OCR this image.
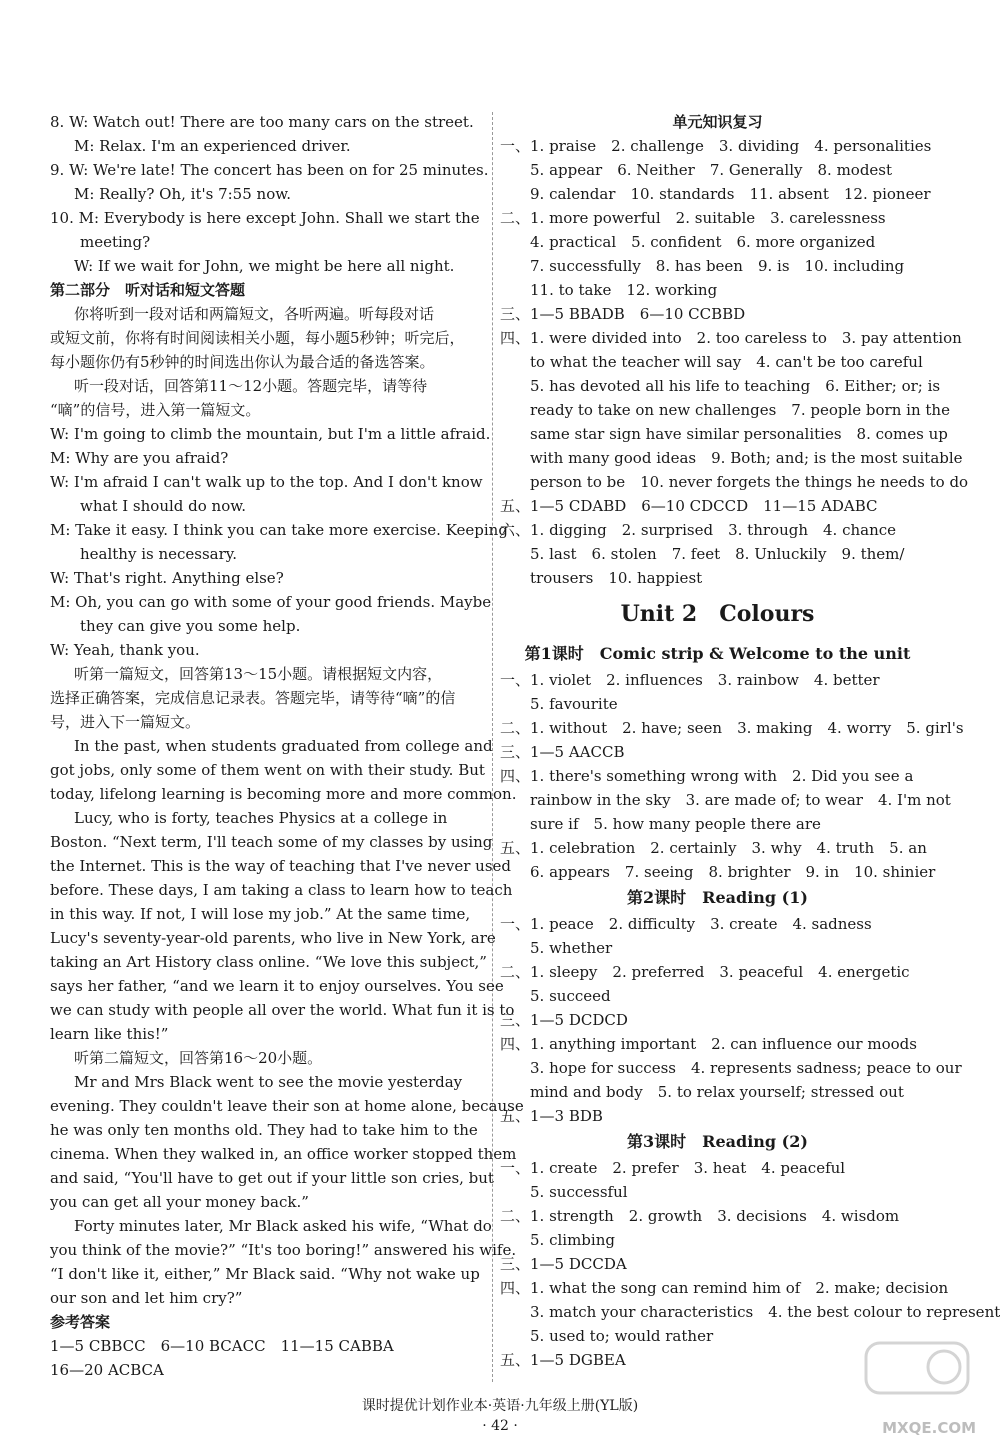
8. W: Watch out! There are too many cars on the street.
M: Relax. I'm an experienced driver.
9. W: We're late! The concert has been on for 25 minutes.
M: Really? Oh, it's 7:55 now.
10. M: Everybody is here except John. Shall we start the
meeting?
W: If we wait for John, we might be here all night.
第二部分　听对话和短文答题
你将听到一段对话和两篇短文，各听两遍。听每段对话
或短文前，你将有时间阅读相关小题，每小题5秒钟；听完后，
每小题你仍有5秒钟的时间选出你认为最合适的备选答案。
听一段对话，回答第11～12小题。答题完毕，请等待
“嘀”的信号，进入第一篇短文。
W: I'm going to climb the mountain, but I'm a little afraid.
M: Why are you afraid?
W: I'm afraid I can't walk up to the top. And I don't know
what I should do now.
M: Take it easy. I think you can take more exercise. Keeping
healthy is necessary.
W: That's right. Anything else?
M: Oh, you can go with some of your good friends. Maybe
they can give you some help.
W: Yeah, thank you.
听第一篇短文，回答第13～15小题。请根据短文内容，
选择正确答案，完成信息记录表。答题完毕，请等待“嘀”的信
号，进入下一篇短文。
In the past, when students graduated from college and
got jobs, only some of them went on with their study. But
today, lifelong learning is becoming more and more common.
Lucy, who is forty, teaches Physics at a college in
Boston. “Next term, I'll teach some of my classes by using
the Internet. This is the way of teaching that I've never used
before. These days, I am taking a class to learn how to teach
in this way. If not, I will lose my job.” At the same time,
Lucy's seventy-year-old parents, who live in New York, are
taking an Art History class online. “We love this subject,”
says her father, “and we learn it to enjoy ourselves. You see
we can study with people all over the world. What fun it is to
learn like this!”
听第二篇短文，回答第16～20小题。
Mr and Mrs Black went to see the movie yesterday
evening. They couldn't leave their son at home alone, because
he was only ten months old. They had to take him to the
cinema. When they walked in, an office worker stopped them
and said, “You'll have to get out if your little son cries, but
you can get all your money back.”
Forty minutes later, Mr Black asked his wife, “What do
you think of the movie?” “It's too boring!” answered his wife.
“I don't like it, either,” Mr Black said. “Why not wake up
our son and let him cry?”
参考答案
1—5 CBBCC　6—10 BCACC　11—15 CABBA
16—20 ACBCA
单元知识复习
一、1. praise　2. challenge　3. dividing　4. personalities
5. appear　6. Neither　7. Generally　8. modest
9. calendar　10. standards　11. absent　12. pioneer
二、1. more powerful　2. suitable　3. carelessness
4. practical　5. confident　6. more organized
7. successfully　8. has been　9. is　10. including
11. to take　12. working
三、1—5 BBADB　6—10 CCBBD
四、1. were divided into　2. too careless to　3. pay attention
to what the teacher will say　4. can't be too careful
5. has devoted all his life to teaching　6. Either; or; is
ready to take on new challenges　7. people born in the
same star sign have similar personalities　8. comes up
with many good ideas　9. Both; and; is the most suitable
person to be　10. never forgets the things he needs to do
五、1—5 CDABD　6—10 CDCCD　11—15 ADABC
六、1. digging　2. surprised　3. through　4. chance
5. last　6. stolen　7. feet　8. Unluckily　9. them/
trousers　10. happiest
Unit 2　Colours
第1课时　Comic strip & Welcome to the unit
一、1. violet　2. influences　3. rainbow　4. better
5. favourite
二、1. without　2. have; seen　3. making　4. worry　5. girl's
三、1—5 AACCB
四、1. there's something wrong with　2. Did you see a
rainbow in the sky　3. are made of; to wear　4. I'm not
sure if　5. how many people there are
五、1. celebration　2. certainly　3. why　4. truth　5. an
6. appears　7. seeing　8. brighter　9. in　10. shinier
第2课时　Reading (1)
一、1. peace　2. difficulty　3. create　4. sadness
5. whether
二、1. sleepy　2. preferred　3. peaceful　4. energetic
5. succeed
三、1—5 DCDCD
四、1. anything important　2. can influence our moods
3. hope for success　4. represents sadness; peace to our
mind and body　5. to relax yourself; stressed out
五、1—3 BDB
第3课时　Reading (2)
一、1. create　2. prefer　3. heat　4. peaceful
5. successful
二、1. strength　2. growth　3. decisions　4. wisdom
5. climbing
三、1—5 DCCDA
四、1. what the song can remind him of　2. make; decision
3. match your characteristics　4. the best colour to represent
5. used to; would rather
五、1—5 DGBEA
课时提优计划作业本·英语·九年级上册(YL版)
· 42 ·	MXQE.COM
